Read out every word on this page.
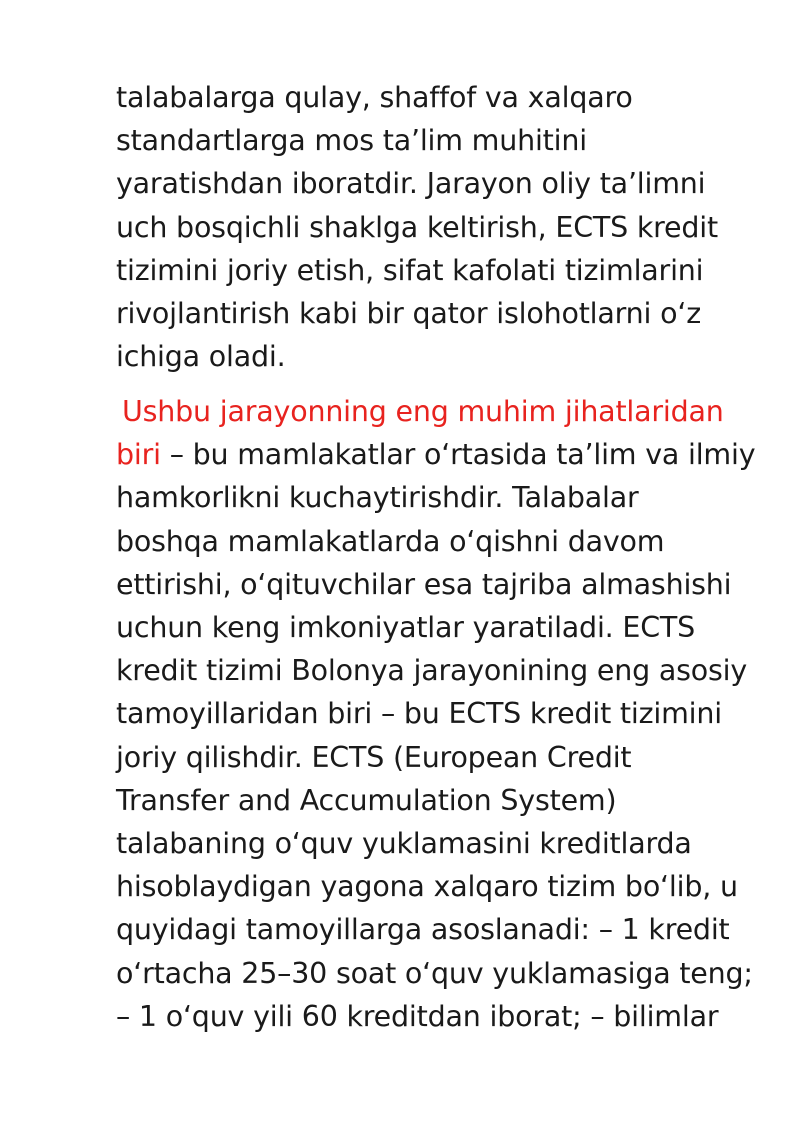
talabalarga qulay, shaffof va xalqaro
standartlarga mos ta’lim muhitini
yaratishdan iboratdir. Jarayon oliy ta’limni
uch bosqichli shaklga keltirish, ECTS kredit
tizimini joriy etish, sifat kafolati tizimlarini
rivojlantirish kabi bir qator islohotlarni o‘z
ichiga oladi.
Ushbu jarayonning eng muhim jihatlaridan
biri – bu mamlakatlar o‘rtasida ta’lim va ilmiy
hamkorlikni kuchaytirishdir. Talabalar
boshqa mamlakatlarda o‘qishni davom
ettirishi, o‘qituvchilar esa tajriba almashishi
uchun keng imkoniyatlar yaratiladi. ECTS
kredit tizimi Bolonya jarayonining eng asosiy
tamoyillaridan biri – bu ECTS kredit tizimini
joriy qilishdir. ECTS (European Credit
Transfer and Accumulation System)
talabaning o‘quv yuklamasini kreditlarda
hisoblaydigan yagona xalqaro tizim bo‘lib, u
quyidagi tamoyillarga asoslanadi: – 1 kredit
o‘rtacha 25–30 soat o‘quv yuklamasiga teng;
– 1 o‘quv yili 60 kreditdan iborat; – bilimlar
